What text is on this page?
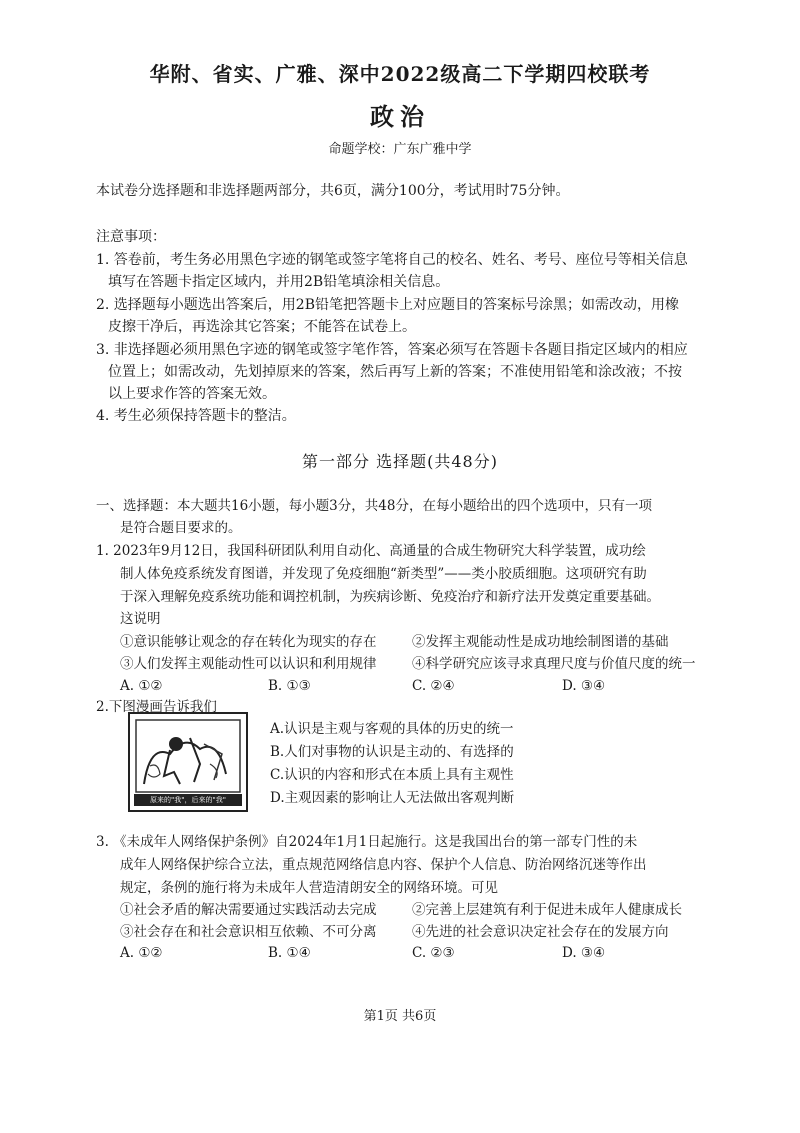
华附、省实、广雅、深中2022级高二下学期四校联考
政治
命题学校：广东广雅中学
本试卷分选择题和非选择题两部分，共6页，满分100分，考试用时75分钟。
注意事项：
1. 答卷前，考生务必用黑色字迹的钢笔或签字笔将自己的校名、姓名、考号、座位号等相关信息
填写在答题卡指定区域内，并用2B铅笔填涂相关信息。
2. 选择题每小题选出答案后，用2B铅笔把答题卡上对应题目的答案标号涂黑；如需改动，用橡
皮擦干净后，再选涂其它答案；不能答在试卷上。
3. 非选择题必须用黑色字迹的钢笔或签字笔作答，答案必须写在答题卡各题目指定区域内的相应
位置上；如需改动，先划掉原来的答案，然后再写上新的答案；不准使用铅笔和涂改液；不按
以上要求作答的答案无效。
4. 考生必须保持答题卡的整洁。
第一部分 选择题(共48分)
一、选择题：本大题共16小题，每小题3分，共48分，在每小题给出的四个选项中，只有一项
是符合题目要求的。
1. 2023年9月12日，我国科研团队利用自动化、高通量的合成生物研究大科学装置，成功绘
制人体免疫系统发育图谱，并发现了免疫细胞“新类型”——类小胶质细胞。这项研究有助
于深入理解免疫系统功能和调控机制，为疾病诊断、免疫治疗和新疗法开发奠定重要基础。
这说明
①意识能够让观念的存在转化为现实的存在	②发挥主观能动性是成功地绘制图谱的基础
③人们发挥主观能动性可以认识和利用规律	④科学研究应该寻求真理尺度与价值尺度的统一
A. ①②	B. ①③	C. ②④	D. ③④
2.下图漫画告诉我们
原来的"我"，后来的"我"
A.认识是主观与客观的具体的历史的统一
B.人们对事物的认识是主动的、有选择的
C.认识的内容和形式在本质上具有主观性
D.主观因素的影响让人无法做出客观判断
3. 《未成年人网络保护条例》自2024年1月1日起施行。这是我国出台的第一部专门性的未
成年人网络保护综合立法，重点规范网络信息内容、保护个人信息、防治网络沉迷等作出
规定，条例的施行将为未成年人营造清朗安全的网络环境。可见
①社会矛盾的解决需要通过实践活动去完成	②完善上层建筑有利于促进未成年人健康成长
③社会存在和社会意识相互依赖、不可分离	④先进的社会意识决定社会存在的发展方向
A. ①②	B. ①④	C. ②③	D. ③④
第1页 共6页
